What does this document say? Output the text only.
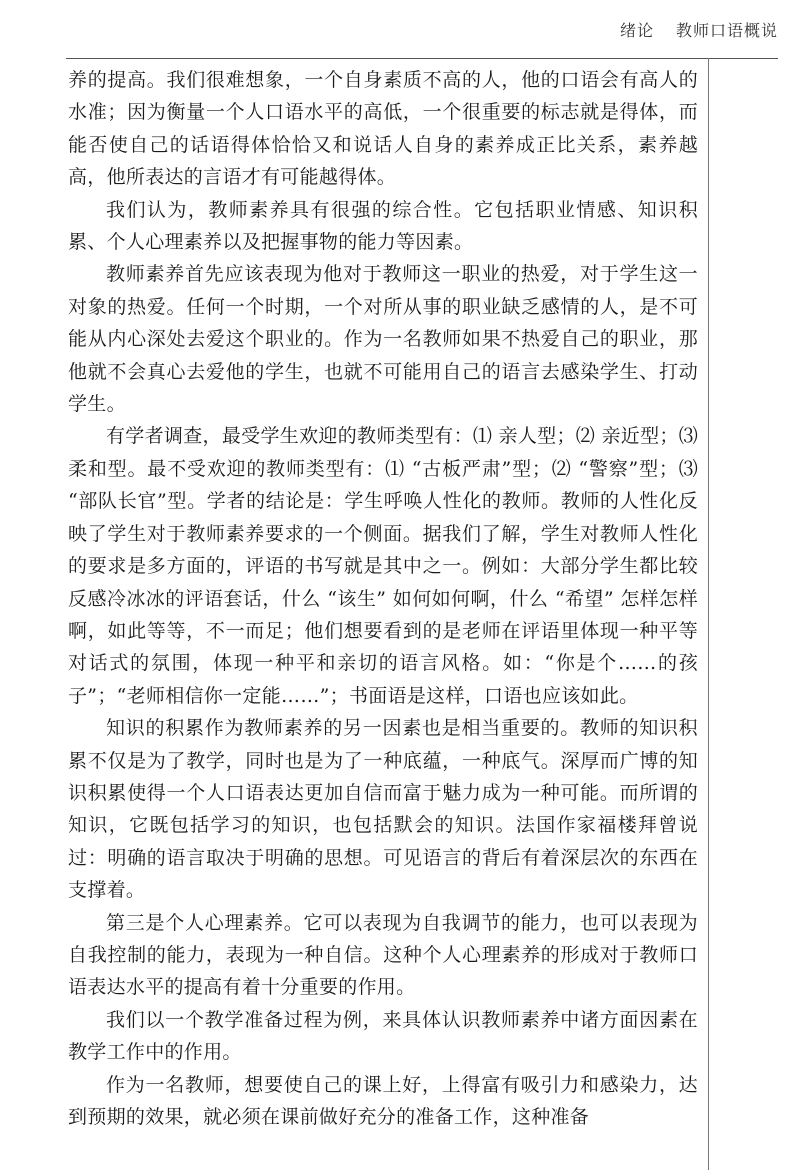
绪论 教师口语概说

养的提高。我们很难想象，一个自身素质不高的人，他的口语会有高人的水准；因为衡量一个人口语水平的高低，一个很重要的标志就是得体，而能否使自己的话语得体恰恰又和说话人自身的素养成正比关系，素养越高，他所表达的言语才有可能越得体。

我们认为，教师素养具有很强的综合性。它包括职业情感、知识积累、个人心理素养以及把握事物的能力等因素。

教师素养首先应该表现为他对于教师这一职业的热爱，对于学生这一对象的热爱。任何一个时期，一个对所从事的职业缺乏感情的人，是不可能从内心深处去爱这个职业的。作为一名教师如果不热爱自己的职业，那他就不会真心去爱他的学生，也就不可能用自己的语言去感染学生、打动学生。

有学者调查，最受学生欢迎的教师类型有：⑴ 亲人型；⑵ 亲近型；⑶ 柔和型。最不受欢迎的教师类型有：⑴ “古板严肃”型；⑵ “警察”型；⑶ “部队长官”型。学者的结论是：学生呼唤人性化的教师。教师的人性化反映了学生对于教师素养要求的一个侧面。据我们了解，学生对教师人性化的要求是多方面的，评语的书写就是其中之一。例如：大部分学生都比较反感冷冰冰的评语套话，什么 “该生” 如何如何啊，什么 “希望” 怎样怎样啊，如此等等，不一而足；他们想要看到的是老师在评语里体现一种平等对话式的氛围，体现一种平和亲切的语言风格。如：“你是个……的孩子”；“老师相信你一定能……”；书面语是这样，口语也应该如此。

知识的积累作为教师素养的另一因素也是相当重要的。教师的知识积累不仅是为了教学，同时也是为了一种底蕴，一种底气。深厚而广博的知识积累使得一个人口语表达更加自信而富于魅力成为一种可能。而所谓的知识，它既包括学习的知识，也包括默会的知识。法国作家福楼拜曾说过：明确的语言取决于明确的思想。可见语言的背后有着深层次的东西在支撑着。

第三是个人心理素养。它可以表现为自我调节的能力，也可以表现为自我控制的能力，表现为一种自信。这种个人心理素养的形成对于教师口语表达水平的提高有着十分重要的作用。

我们以一个教学准备过程为例，来具体认识教师素养中诸方面因素在教学工作中的作用。

作为一名教师，想要使自己的课上好，上得富有吸引力和感染力，达到预期的效果，就必须在课前做好充分的准备工作，这种准备
